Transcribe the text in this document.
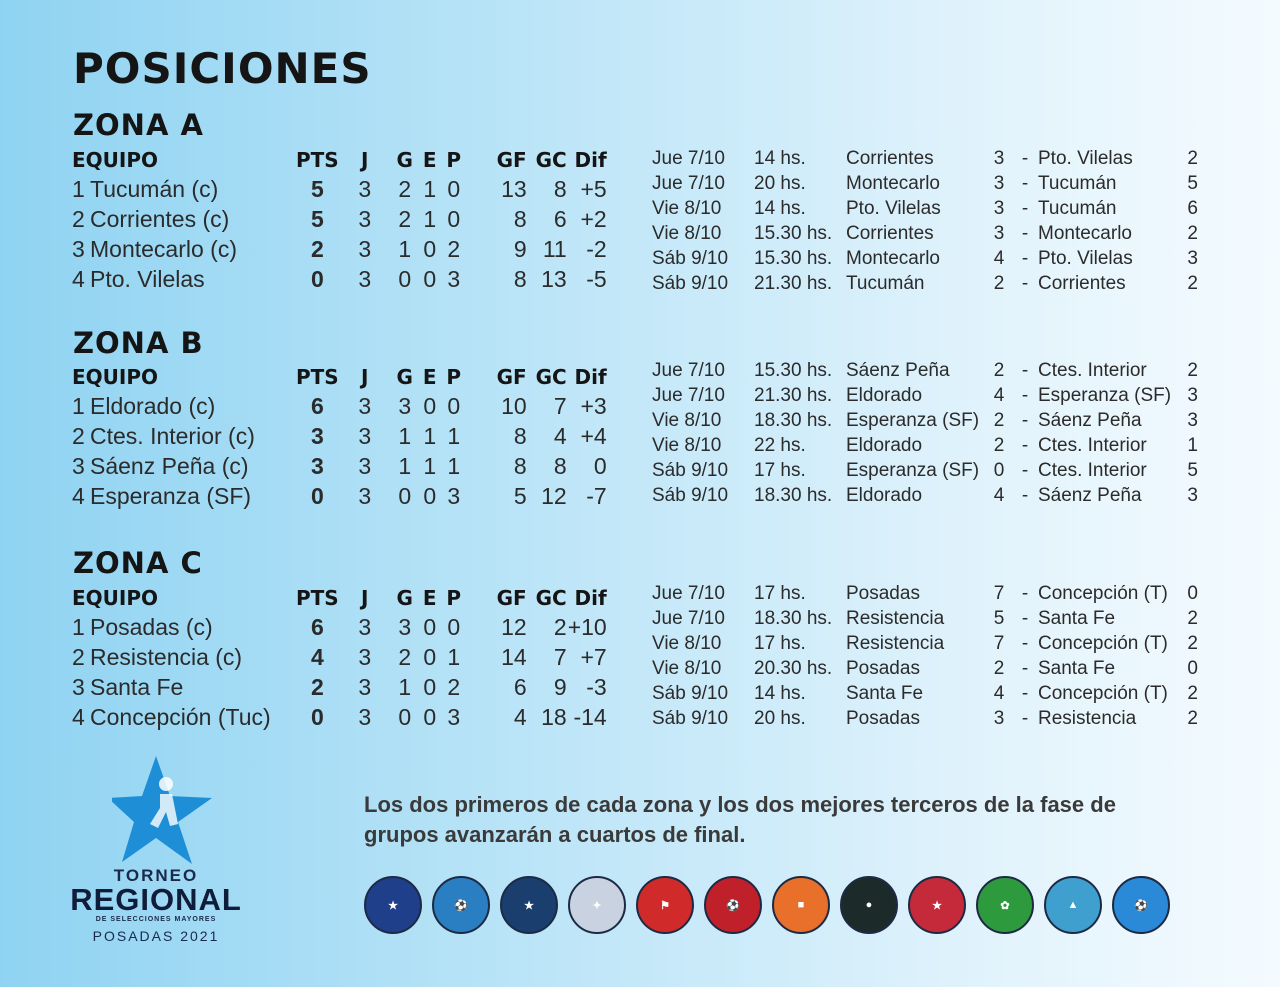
POSICIONES
ZONA A
EQUIPO		PTS	J	G	E	P	GF	GC	Dif
1	Tucumán (c)	5	3	2	1	0	13	8	+5
2	Corrientes (c)	5	3	2	1	0	8	6	+2
3	Montecarlo (c)	2	3	1	0	2	9	11	-2
4	Pto. Vilelas	0	3	0	0	3	8	13	-5
Jue 7/10	14 hs.	Corrientes	3	-	Pto. Vilelas	2
Jue 7/10	20 hs.	Montecarlo	3	-	Tucumán	5
Vie 8/10	14 hs.	Pto. Vilelas	3	-	Tucumán	6
Vie 8/10	15.30 hs.	Corrientes	3	-	Montecarlo	2
Sáb 9/10	15.30 hs.	Montecarlo	4	-	Pto. Vilelas	3
Sáb 9/10	21.30 hs.	Tucumán	2	-	Corrientes	2
ZONA B
EQUIPO		PTS	J	G	E	P	GF	GC	Dif
1	Eldorado (c)	6	3	3	0	0	10	7	+3
2	Ctes. Interior (c)	3	3	1	1	1	8	4	+4
3	Sáenz Peña (c)	3	3	1	1	1	8	8	0
4	Esperanza (SF)	0	3	0	0	3	5	12	-7
Jue 7/10	15.30 hs.	Sáenz Peña	2	-	Ctes. Interior	2
Jue 7/10	21.30 hs.	Eldorado	4	-	Esperanza (SF)	3
Vie 8/10	18.30 hs.	Esperanza (SF)	2	-	Sáenz Peña	3
Vie 8/10	22 hs.	Eldorado	2	-	Ctes. Interior	1
Sáb 9/10	17 hs.	Esperanza (SF)	0	-	Ctes. Interior	5
Sáb 9/10	18.30 hs.	Eldorado	4	-	Sáenz Peña	3
ZONA C
EQUIPO		PTS	J	G	E	P	GF	GC	Dif
1	Posadas (c)	6	3	3	0	0	12	2	+10
2	Resistencia (c)	4	3	2	0	1	14	7	+7
3	Santa Fe	2	3	1	0	2	6	9	-3
4	Concepción (Tuc)	0	3	0	0	3	4	18	-14
Jue 7/10	17 hs.	Posadas	7	-	Concepción (T)	0
Jue 7/10	18.30 hs.	Resistencia	5	-	Santa Fe	2
Vie 8/10	17 hs.	Resistencia	7	-	Concepción (T)	2
Vie 8/10	20.30 hs.	Posadas	2	-	Santa Fe	0
Sáb 9/10	14 hs.	Santa Fe	4	-	Concepción (T)	2
Sáb 9/10	20 hs.	Posadas	3	-	Resistencia	2
TORNEO
REGIONAL
DE SELECCIONES MAYORES
POSADAS 2021

Los dos primeros de cada zona y los dos mejores terceros de la fase de grupos avanzarán a cuartos de final.

★	⚽	★	✦	⚑	⚽	■	●	★	✿	▲	⚽
